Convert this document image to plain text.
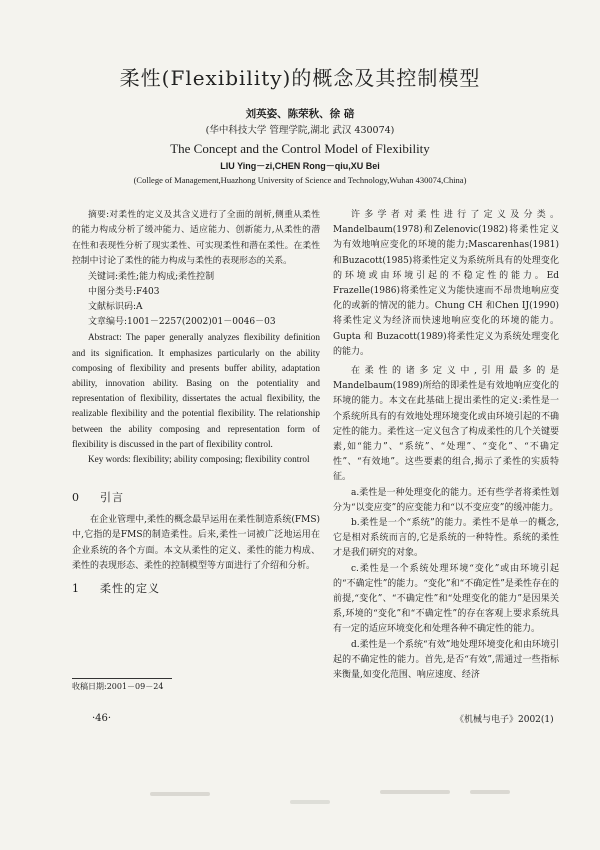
柔性(Flexibility)的概念及其控制模型
刘英姿、陈荣秋、徐 碚
(华中科技大学 管理学院,湖北 武汉 430074)
The Concept and the Control Model of Flexibility
LIU Ying－zi,CHEN Rong－qiu,XU Bei
(College of Management,Huazhong University of Science and Technology,Wuhan 430074,China)

摘要:对柔性的定义及其含义进行了全面的剖析,侧重从柔性的能力构成分析了缓冲能力、适应能力、创新能力,从柔性的潜在性和表现性分析了现实柔性、可实现柔性和潜在柔性。在柔性控制中讨论了柔性的能力构成与柔性的表现形态的关系。

关键词:柔性;能力构成;柔性控制

中图分类号:F403

文献标识码:A

文章编号:1001－2257(2002)01－0046－03

Abstract: The paper generally analyzes flexibility definition and its signification. It emphasizes particularly on the ability composing of flexibility and presents buffer ability, adaptation ability, innovation ability. Basing on the potentiality and representation of flexibility, dissertates the actual flexibility, the realizable flexibility and the potential flexibility. The relationship between the ability composing and representation form of flexibility is discussed in the part of flexibility control.

Key words: flexibility; ability composing; flexibility control

0 引言

在企业管理中,柔性的概念最早运用在柔性制造系统(FMS)中,它指的是FMS的制造柔性。后来,柔性一词被广泛地运用在企业系统的各个方面。本文从柔性的定义、柔性的能力构成、柔性的表现形态、柔性的控制模型等方面进行了介绍和分析。

1 柔性的定义

许多学者对柔性进行了定义及分类。Mandelbaum(1978)和Zelenovic(1982)将柔性定义为有效地响应变化的环境的能力;Mascarenhas(1981)和Buzacott(1985)将柔性定义为系统所具有的处理变化的环境或由环境引起的不稳定性的能力。Ed Frazelle(1986)将柔性定义为能快速而不昂贵地响应变化的或新的情况的能力。Chung CH 和Chen IJ(1990)将柔性定义为经济而快速地响应变化的环境的能力。Gupta 和 Buzacott(1989)将柔性定义为系统处理变化的能力。

在柔性的诸多定义中,引用最多的是Mandelbaum(1989)所给的即柔性是有效地响应变化的环境的能力。本文在此基础上提出柔性的定义:柔性是一个系统所具有的有效地处理环境变化或由环境引起的不确定性的能力。柔性这一定义包含了构成柔性的几个关键要素,如“能力”、“系统”、“处理”、“变化”、“不确定性”、“有效地”。这些要素的组合,揭示了柔性的实质特征。

a.柔性是一种处理变化的能力。还有些学者将柔性划分为“以变应变”的应变能力和“以不变应变”的缓冲能力。

b.柔性是一个“系统”的能力。柔性不是单一的概念,它是相对系统而言的,它是系统的一种特性。系统的柔性才是我们研究的对象。

c.柔性是一个系统处理环境“变化”或由环境引起的“不确定性”的能力。“变化”和“不确定性”是柔性存在的前提,“变化”、“不确定性”和“处理变化的能力”是因果关系,环境的“变化”和“不确定性”的存在客观上要求系统具有一定的适应环境变化和处理各种不确定性的能力。

d.柔性是一个系统“有效”地处理环境变化和由环境引起的不确定性的能力。首先,是否“有效”,需通过一些指标来衡量,如变化范围、响应速度、经济

收稿日期:2001－09－24
·46·	《机械与电子》2002(1)
